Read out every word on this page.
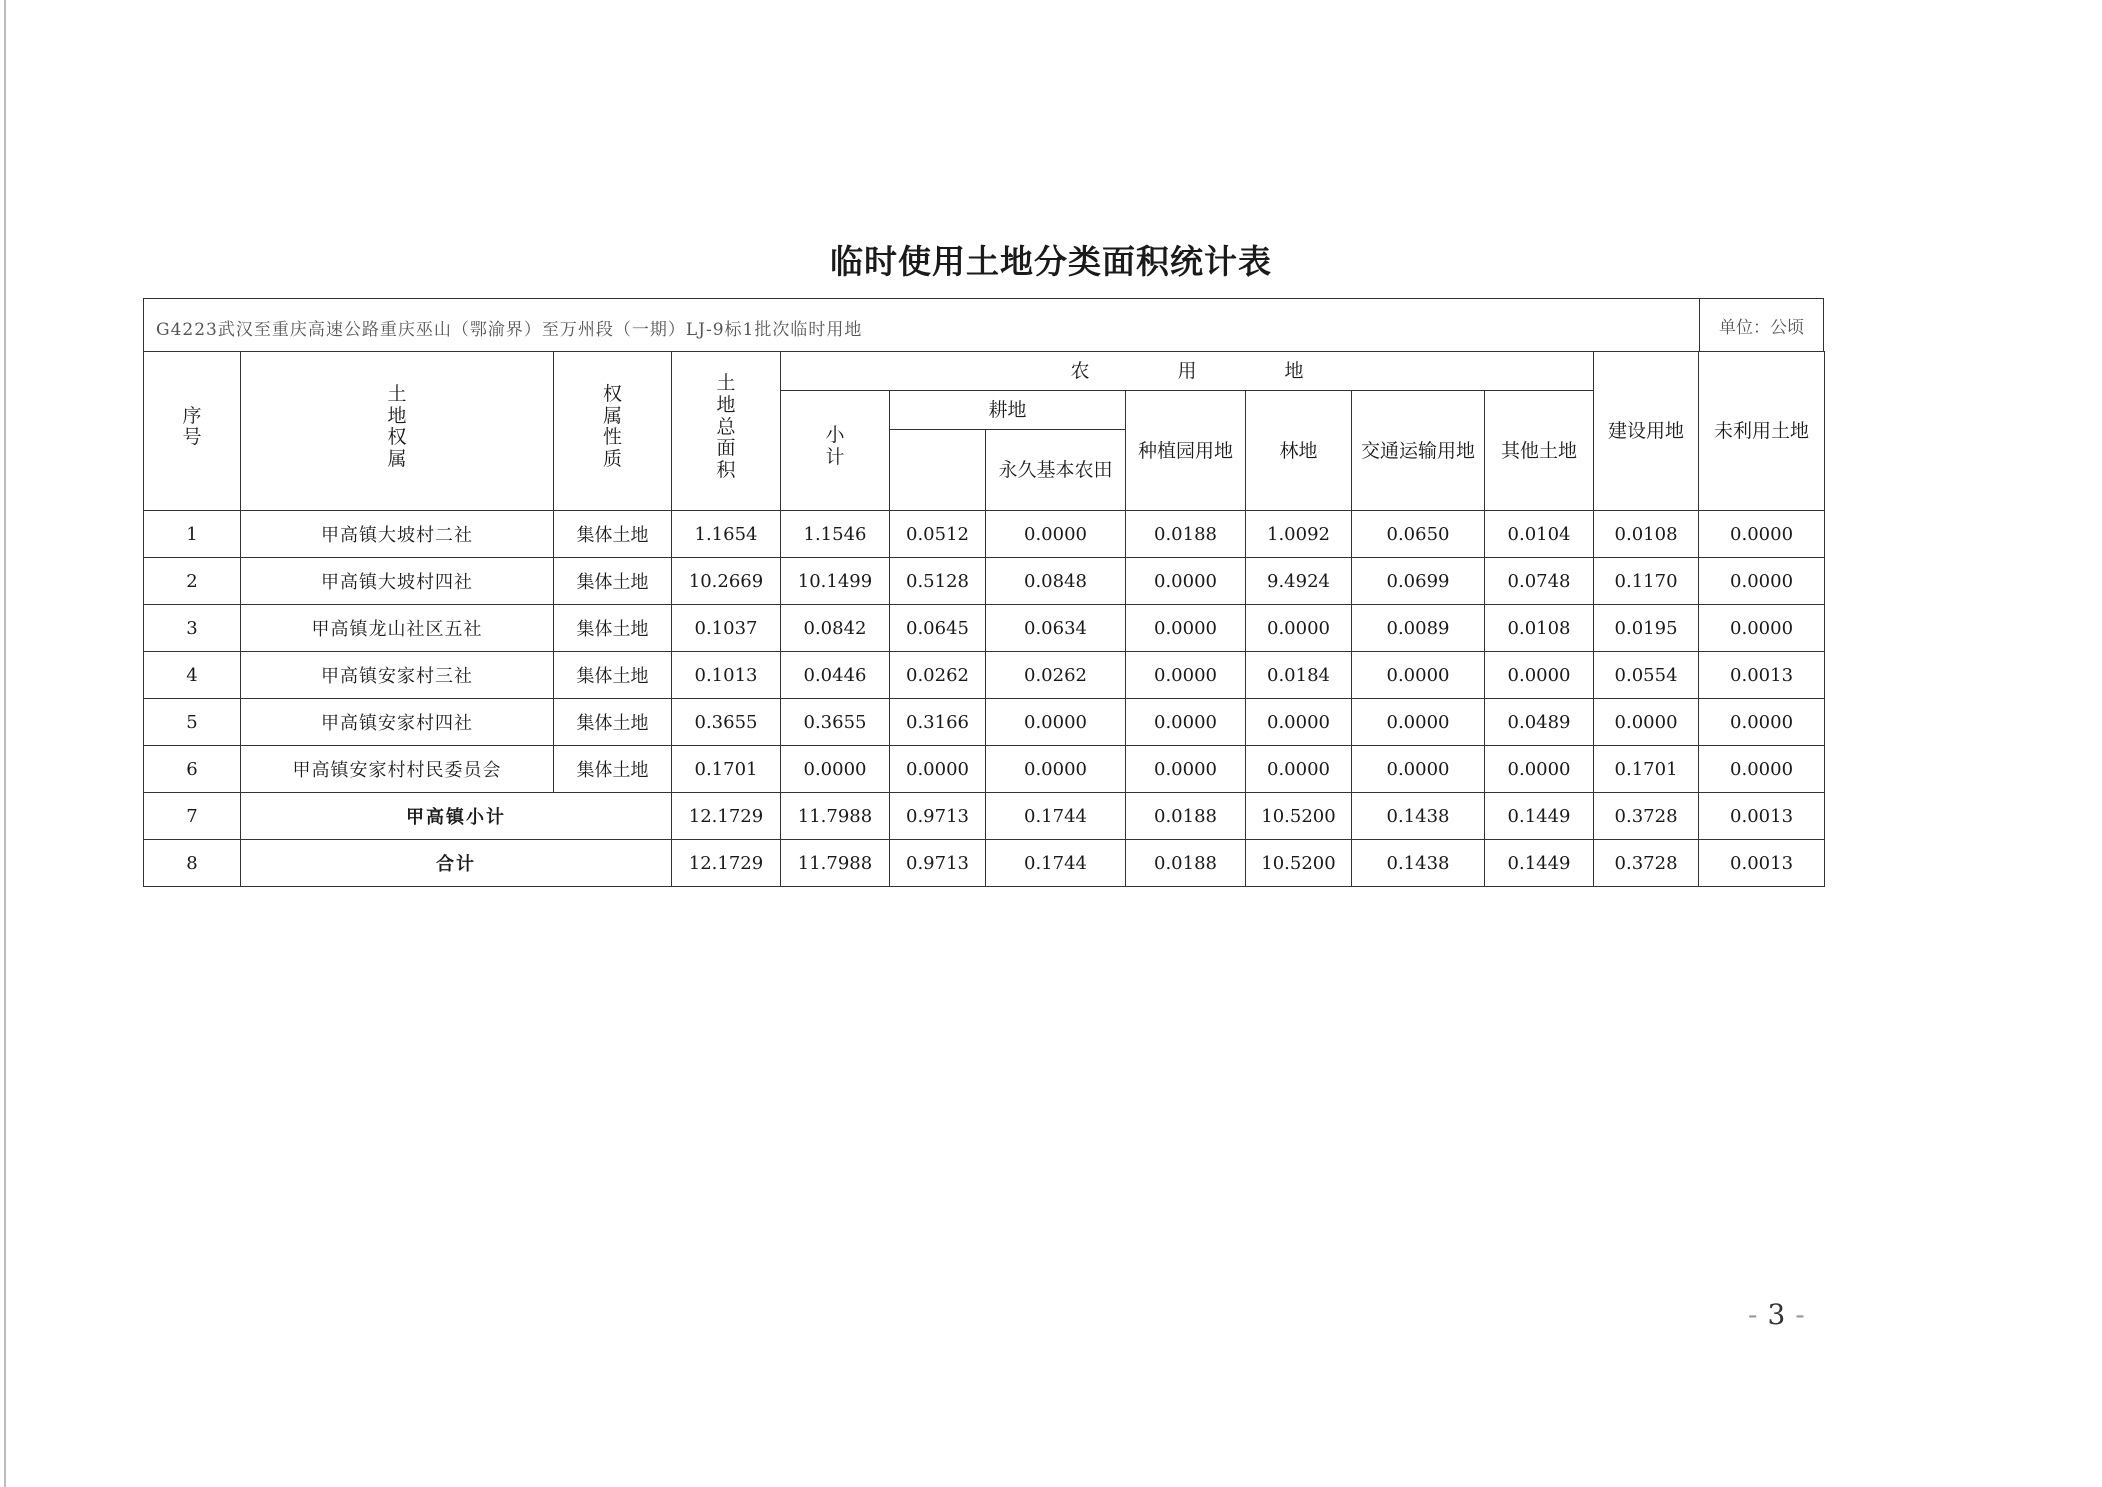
临时使用土地分类面积统计表
G4223武汉至重庆高速公路重庆巫山（鄂渝界）至万州段（一期）LJ-9标1批次临时用地	单位：公顷
序号	土地权属	权属性质	土地总面积	农 用 地							建设用地	未利用土地
				小计	耕地		种植园用地	林地	交通运输用地	其他土地		
						永久基本农田						
1	甲高镇大坡村二社	集体土地	1.1654	1.1546	0.0512	0.0000	0.0188	1.0092	0.0650	0.0104	0.0108	0.0000
2	甲高镇大坡村四社	集体土地	10.2669	10.1499	0.5128	0.0848	0.0000	9.4924	0.0699	0.0748	0.1170	0.0000
3	甲高镇龙山社区五社	集体土地	0.1037	0.0842	0.0645	0.0634	0.0000	0.0000	0.0089	0.0108	0.0195	0.0000
4	甲高镇安家村三社	集体土地	0.1013	0.0446	0.0262	0.0262	0.0000	0.0184	0.0000	0.0000	0.0554	0.0013
5	甲高镇安家村四社	集体土地	0.3655	0.3655	0.3166	0.0000	0.0000	0.0000	0.0000	0.0489	0.0000	0.0000
6	甲高镇安家村村民委员会	集体土地	0.1701	0.0000	0.0000	0.0000	0.0000	0.0000	0.0000	0.0000	0.1701	0.0000
7	甲高镇小计		12.1729	11.7988	0.9713	0.1744	0.0188	10.5200	0.1438	0.1449	0.3728	0.0013
8	合计		12.1729	11.7988	0.9713	0.1744	0.0188	10.5200	0.1438	0.1449	0.3728	0.0013
- 3 -
